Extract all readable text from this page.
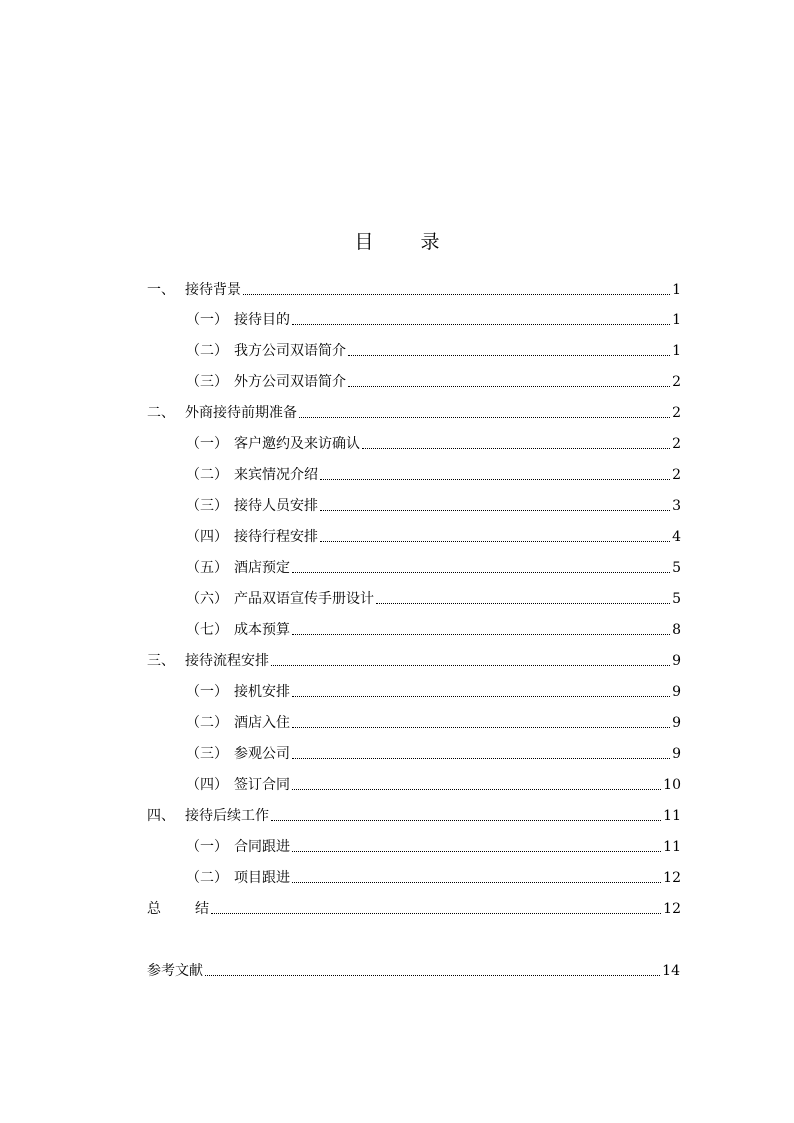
目　录
一、 接待背景	1
（一） 接待目的	1
（二） 我方公司双语简介	1
（三） 外方公司双语简介	2
二、 外商接待前期准备	2
（一） 客户邀约及来访确认	2
（二） 来宾情况介绍	2
（三） 接待人员安排	3
（四） 接待行程安排	4
（五） 酒店预定	5
（六） 产品双语宣传手册设计	5
（七） 成本预算	8
三、 接待流程安排	9
（一） 接机安排	9
（二） 酒店入住	9
（三） 参观公司	9
（四） 签订合同	10
四、 接待后续工作	11
（一） 合同跟进	11
（二） 项目跟进	12
总	结	12
参考文献	14
